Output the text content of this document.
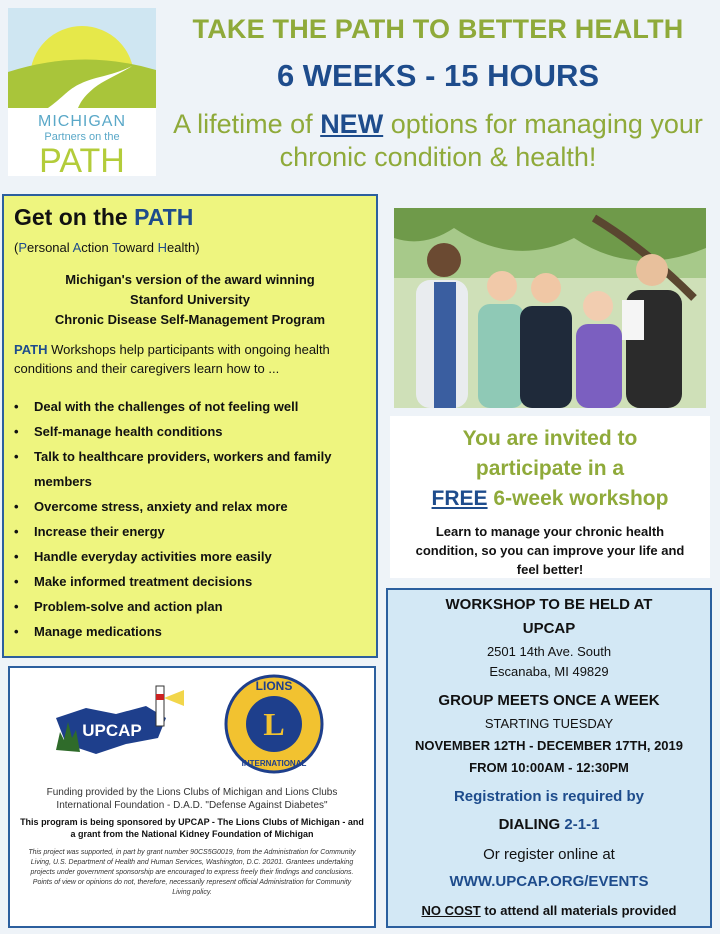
MICHIGAN
Partners on the
PATH
TAKE THE PATH TO BETTER HEALTH
6 WEEKS - 15 HOURS
A lifetime of NEW options for managing your chronic condition & health!
Get on the PATH
(Personal Action Toward Health)
Michigan's version of the award winning
Stanford University
Chronic Disease Self-Management Program
PATH Workshops help participants with ongoing health conditions and their caregivers learn how to ...
• Deal with the challenges of not feeling well
• Self-manage health conditions
• Talk to healthcare providers, workers and family members
• Overcome stress, anxiety and relax more
• Increase their energy
• Handle everyday activities more easily
• Make informed treatment decisions
• Problem-solve and action plan
• Manage medications
You are invited to
participate in a
FREE 6-week workshop
Learn to manage your chronic health condition, so you can improve your life and feel better!
WORKSHOP TO BE HELD AT
UPCAP
2501 14th Ave. South
Escanaba, MI 49829
GROUP MEETS ONCE A WEEK
STARTING TUESDAY
NOVEMBER 12TH - DECEMBER 17TH, 2019
FROM 10:00AM - 12:30PM
Registration is required by
DIALING 2-1-1
Or register online at
WWW.UPCAP.ORG/EVENTS
NO COST to attend all materials provided
UPCAP	L
LIONS
INTERNATIONAL
Funding provided by the Lions Clubs of Michigan and Lions Clubs International Foundation - D.A.D. "Defense Against Diabetes"
This program is being sponsored by UPCAP - The Lions Clubs of Michigan - and a grant from the National Kidney Foundation of Michigan
This project was supported, in part by grant number 90CS5G0019, from the Administration for Community Living, U.S. Department of Health and Human Services, Washington, D.C. 20201. Grantees undertaking projects under government sponsorship are encouraged to express freely their findings and conclusions. Points of view or opinions do not, therefore, necessarily represent official Administration for Community Living policy.
